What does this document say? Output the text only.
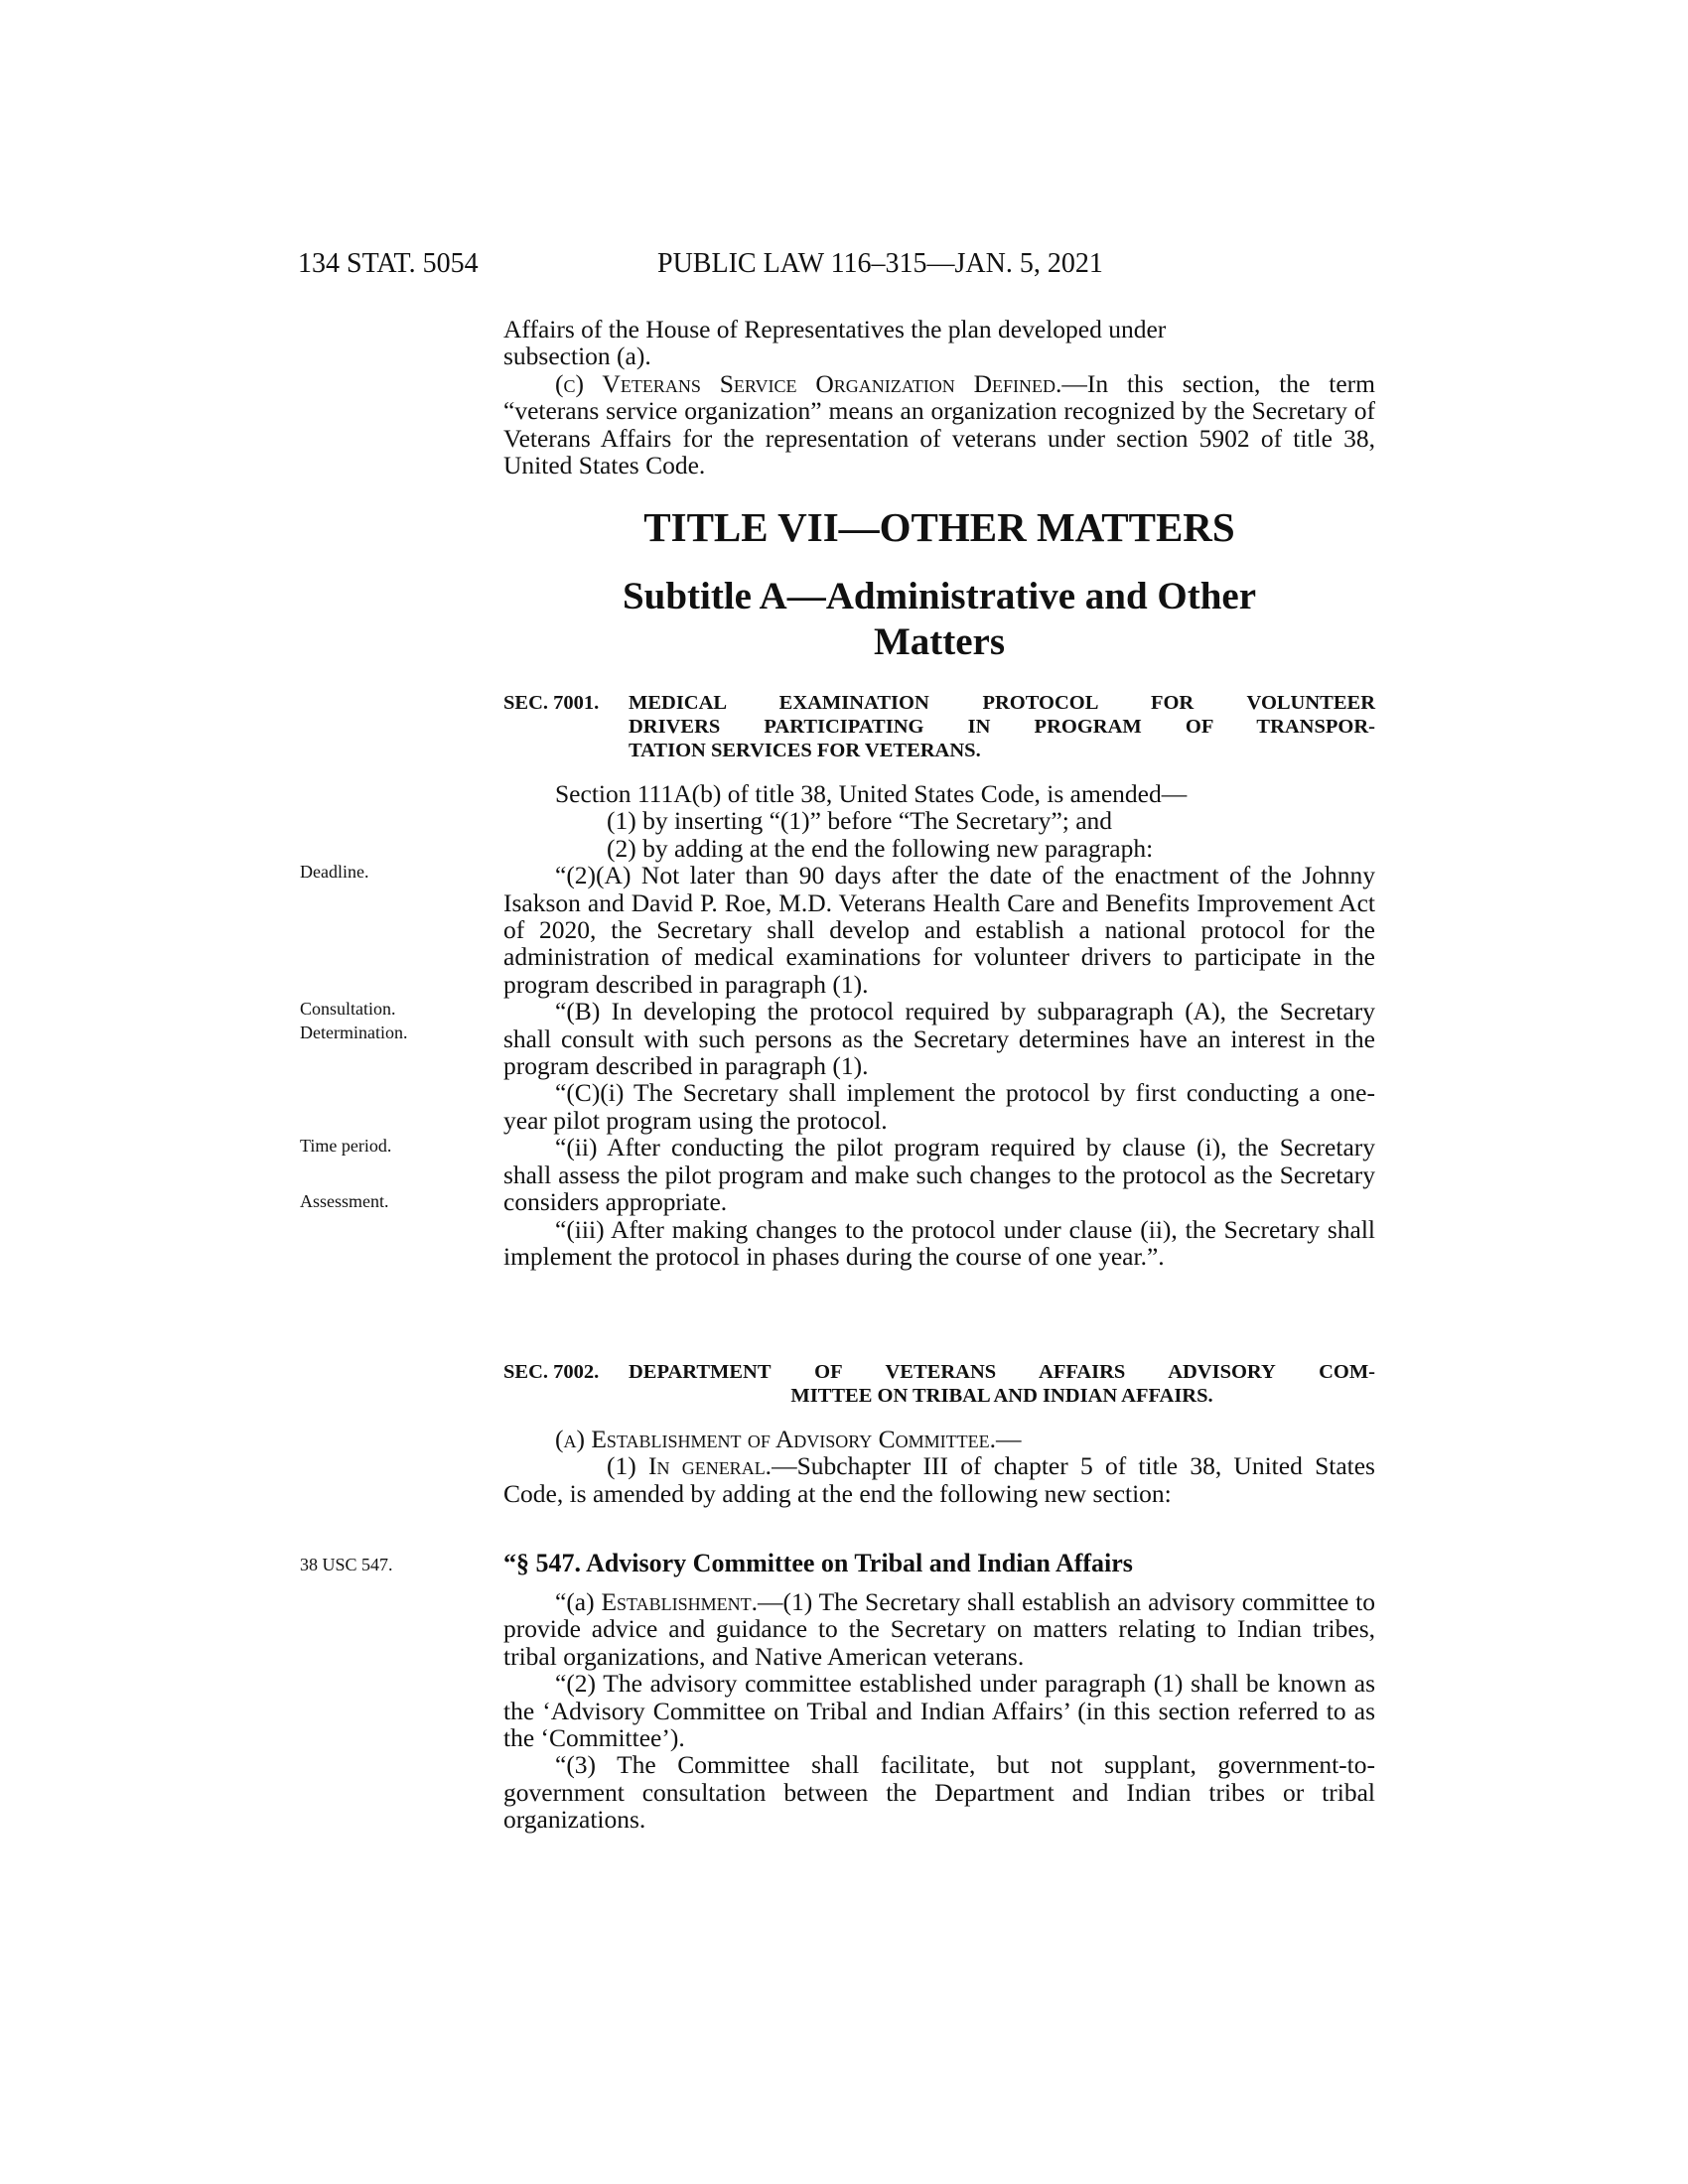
134 STAT. 5054	PUBLIC LAW 116–315—JAN. 5, 2021

Affairs of the House of Representatives the plan developed under

subsection (a).

(c) Veterans Service Organization Defined.—In this section, the term “veterans service organization” means an organization recognized by the Secretary of Veterans Affairs for the representation of veterans under section 5902 of title 38, United States Code.

TITLE VII—OTHER MATTERS
Subtitle A—Administrative and Other
Matters
SEC. 7001. MEDICAL EXAMINATION PROTOCOL FOR VOLUNTEER
DRIVERS PARTICIPATING IN PROGRAM OF TRANSPOR-
TATION SERVICES FOR VETERANS.

Section 111A(b) of title 38, United States Code, is amended—

(1) by inserting “(1)” before “The Secretary”; and

(2) by adding at the end the following new paragraph:

“(2)(A) Not later than 90 days after the date of the enactment of the Johnny Isakson and David P. Roe, M.D. Veterans Health Care and Benefits Improvement Act of 2020, the Secretary shall develop and establish a national protocol for the administration of medical examinations for volunteer drivers to participate in the program described in paragraph (1).

“(B) In developing the protocol required by subparagraph (A), the Secretary shall consult with such persons as the Secretary determines have an interest in the program described in paragraph (1).

“(C)(i) The Secretary shall implement the protocol by first conducting a one-year pilot program using the protocol.

“(ii) After conducting the pilot program required by clause (i), the Secretary shall assess the pilot program and make such changes to the protocol as the Secretary considers appropriate.

“(iii) After making changes to the protocol under clause (ii), the Secretary shall implement the protocol in phases during the course of one year.”.

SEC. 7002. DEPARTMENT OF VETERANS AFFAIRS ADVISORY COM-
MITTEE ON TRIBAL AND INDIAN AFFAIRS.

(a) Establishment of Advisory Committee.—

(1) In general.—Subchapter III of chapter 5 of title 38, United States Code, is amended by adding at the end the following new section:

“§ 547. Advisory Committee on Tribal and Indian Affairs

“(a) Establishment.—(1) The Secretary shall establish an advisory committee to provide advice and guidance to the Secretary on matters relating to Indian tribes, tribal organizations, and Native American veterans.

“(2) The advisory committee established under paragraph (1) shall be known as the ‘Advisory Committee on Tribal and Indian Affairs’ (in this section referred to as the ‘Committee’).

“(3) The Committee shall facilitate, but not supplant, government-to-government consultation between the Department and Indian tribes or tribal organizations.

Deadline.
Consultation.
Determination.
Time period.
Assessment.
38 USC 547.
